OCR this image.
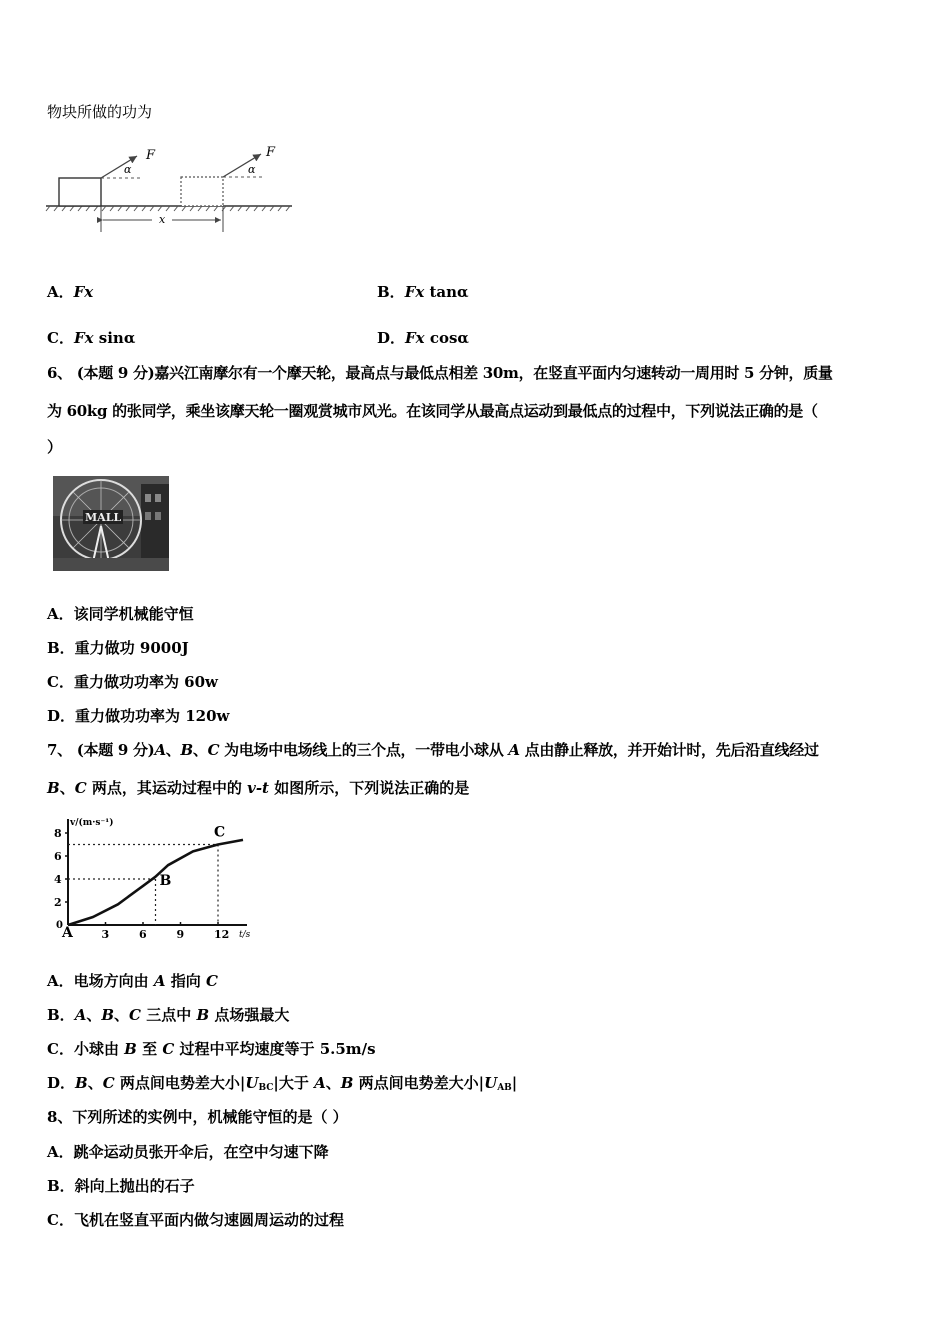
物块所做的功为
F
α
F
α
x
A．Fx	B．Fx tanα
C．Fx sinα	D．Fx cosα
6、 (本题 9 分)嘉兴江南摩尔有一个摩天轮，最高点与最低点相差 30m，在竖直平面内匀速转动一周用时 5 分钟，质量
为 60kg 的张同学，乘坐该摩天轮一圈观赏城市风光。在该同学从最高点运动到最低点的过程中，下列说法正确的是（
）
MALL
A．该同学机械能守恒
B．重力做功 9000J
C．重力做功功率为 60w
D．重力做功功率为 120w
7、 (本题 9 分)A、B、C 为电场中电场线上的三个点，一带电小球从 A 点由静止释放，并开始计时，先后沿直线经过
B、C 两点，其运动过程中的 v-t 如图所示，下列说法正确的是
v/(m·s⁻¹)
t/s
0
2
4
6
8
3	6	9	12
A
B
C
A．电场方向由 A 指向 C
B．A、B、C 三点中 B 点场强最大
C．小球由 B 至 C 过程中平均速度等于 5.5m/s
D．B、C 两点间电势差大小$|U_{BC}|$大于 A、B 两点间电势差大小$|U_{AB}|$
8、下列所述的实例中，机械能守恒的是（ ）
A．跳伞运动员张开伞后，在空中匀速下降
B．斜向上抛出的石子
C．飞机在竖直平面内做匀速圆周运动的过程
